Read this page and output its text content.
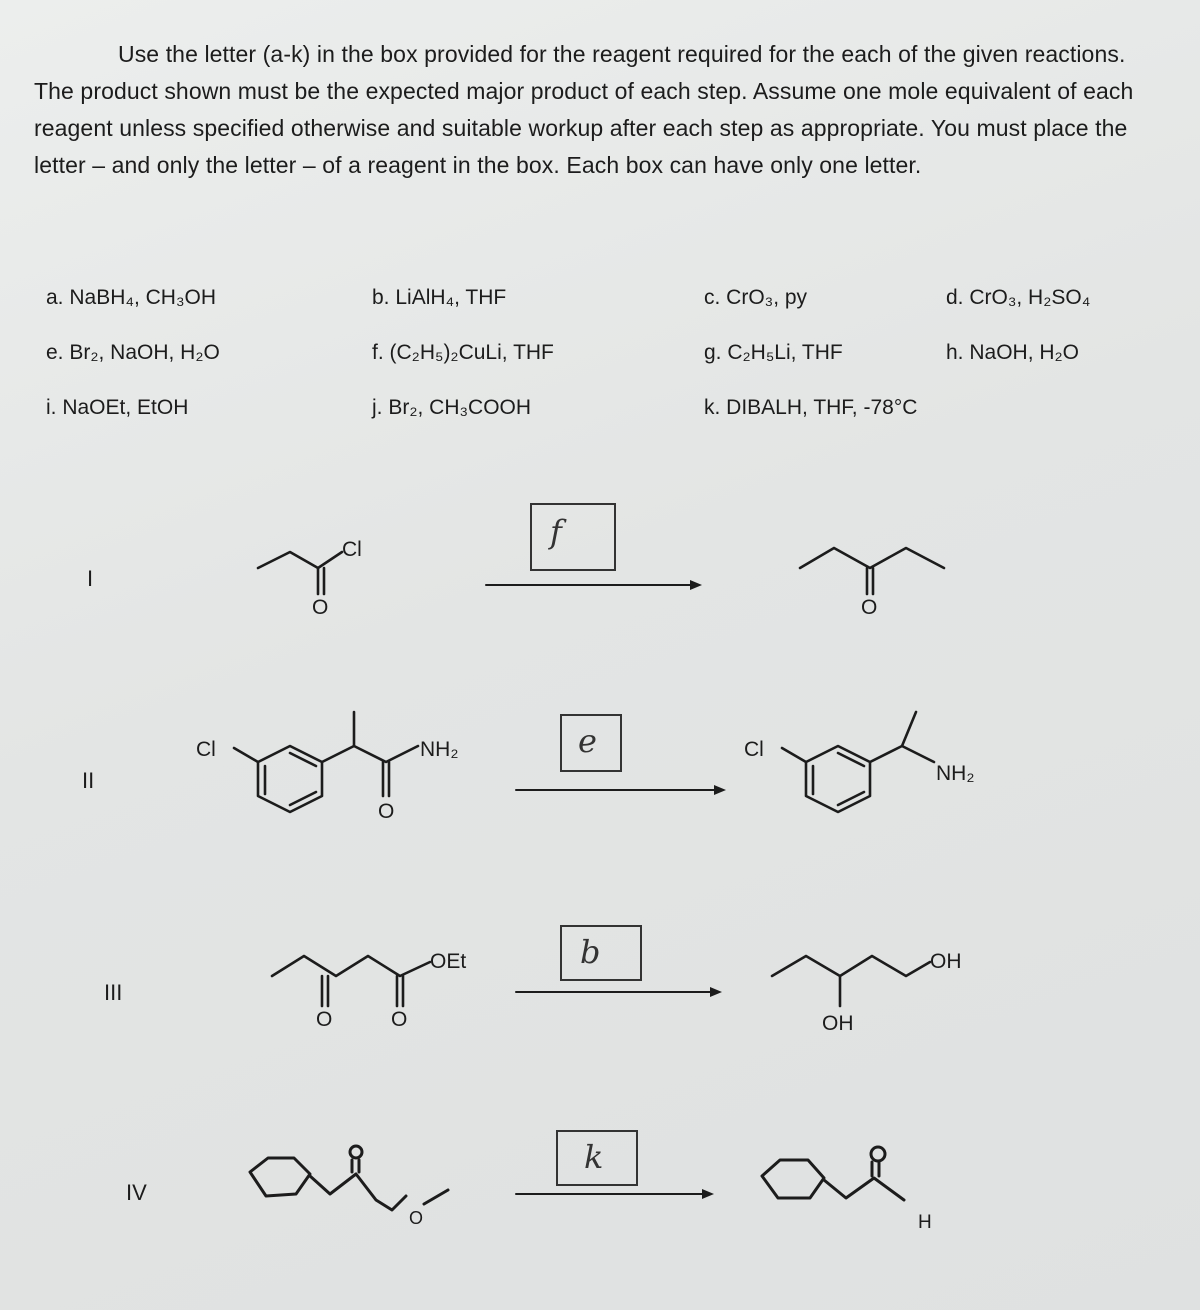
Use the letter (a-k) in the box provided for the reagent required for the each of the given reactions. The product shown must be the expected major product of each step. Assume one mole equivalent of each reagent unless specified otherwise and suitable workup after each step as appropriate. You must place the letter – and only the letter – of a reagent in the box. Each box can have only one letter.
a. NaBH₄, CH₃OH	b. LiAlH₄, THF	c. CrO₃, py	d. CrO₃, H₂SO₄
e. Br₂, NaOH, H₂O	f. (C₂H₅)₂CuLi, THF	g. C₂H₅Li, THF	h. NaOH, H₂O
i. NaOEt, EtOH	j. Br₂, CH₃COOH	k. DIBALH, THF, -78°C
I
II
III
IV
f
e
b
k
O	O
O
O	O
O
Cl
Cl	NH₂	Cl
NH₂
OEt
OH
OH
H
